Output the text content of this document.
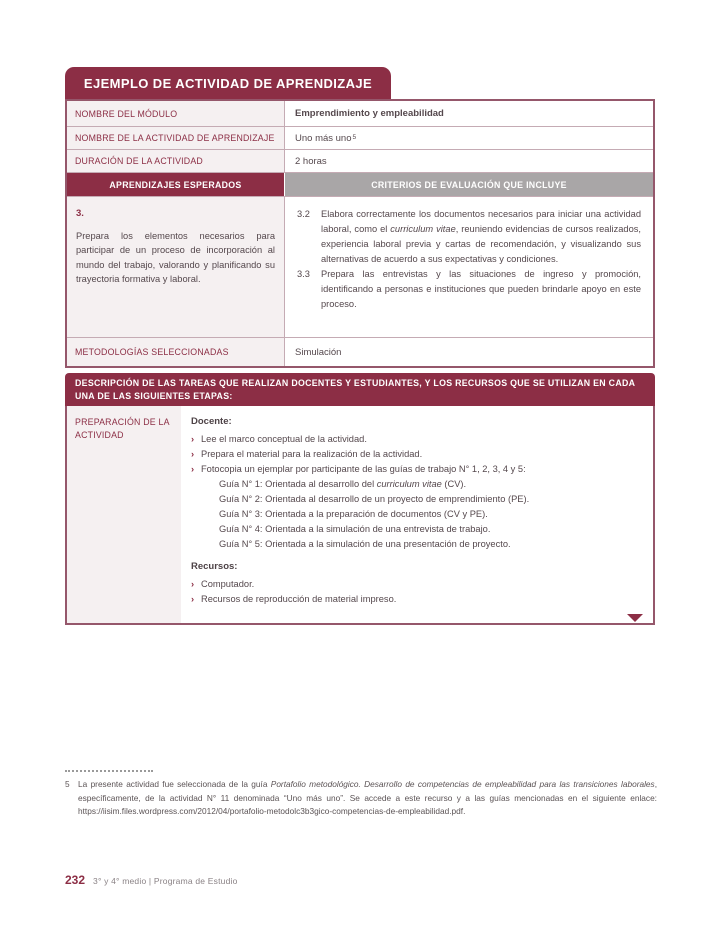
EJEMPLO DE ACTIVIDAD DE APRENDIZAJE
NOMBRE DEL MÓDULO	Emprendimiento y empleabilidad
NOMBRE DE LA ACTIVIDAD DE APRENDIZAJE	Uno más uno 5
DURACIÓN DE LA ACTIVIDAD	2 horas
APRENDIZAJES ESPERADOS	CRITERIOS DE EVALUACIÓN QUE INCLUYE
3.
Prepara los elementos necesarios para participar de un proceso de incorporación al mundo del trabajo, valorando y planificando su trayectoria formativa y laboral.
3.2 Elabora correctamente los documentos necesarios para iniciar una actividad laboral, como el curriculum vitae, reuniendo evidencias de cursos realizados, experiencia laboral previa y cartas de recomendación, y visualizando sus alternativas de acuerdo a sus expectativas y condiciones.
3.3 Prepara las entrevistas y las situaciones de ingreso y promoción, identificando a personas e instituciones que pueden brindarle apoyo en este proceso.
METODOLOGÍAS SELECCIONADAS	Simulación
DESCRIPCIÓN DE LAS TAREAS QUE REALIZAN DOCENTES Y ESTUDIANTES, Y LOS RECURSOS QUE SE UTILIZAN EN CADA UNA DE LAS SIGUIENTES ETAPAS:
PREPARACIÓN DE LA ACTIVIDAD

Docente:

› Lee el marco conceptual de la actividad.
› Prepara el material para la realización de la actividad.
› Fotocopia un ejemplar por participante de las guías de trabajo N° 1, 2, 3, 4 y 5:
Guía N° 1: Orientada al desarrollo del curriculum vitae (CV).
Guía N° 2: Orientada al desarrollo de un proyecto de emprendimiento (PE).
Guía N° 3: Orientada a la preparación de documentos (CV y PE).
Guía N° 4: Orientada a la simulación de una entrevista de trabajo.
Guía N° 5: Orientada a la simulación de una presentación de proyecto.

Recursos:

› Computador.
› Recursos de reproducción de material impreso.
5 La presente actividad fue seleccionada de la guía Portafolio metodológico. Desarrollo de competencias de empleabilidad para las transiciones laborales, específicamente, de la actividad N° 11 denominada “Uno más uno”. Se accede a este recurso y a las guías mencionadas en el siguiente enlace: https://iisim.files.wordpress.com/2012/04/portafolio-metodolc3b3gico-competencias-de-empleabilidad.pdf.
232 3° y 4° medio | Programa de Estudio
